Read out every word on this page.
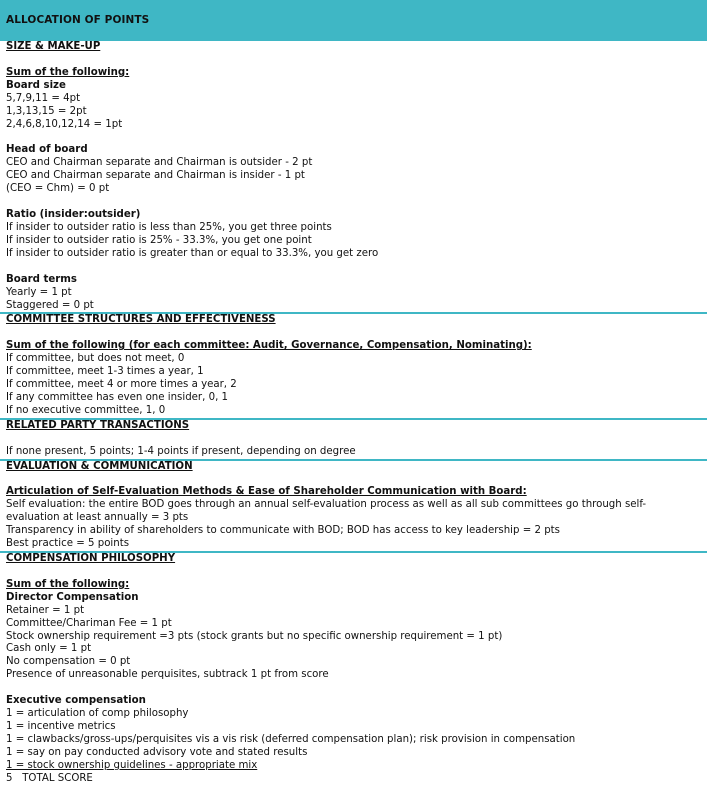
ALLOCATION OF POINTS
SIZE & MAKE-UP
Sum of the following:
Board size
5,7,9,11 = 4pt
1,3,13,15 = 2pt
2,4,6,8,10,12,14 = 1pt
Head of board
CEO and Chairman separate and Chairman is outsider - 2 pt
CEO and Chairman separate and Chairman is insider - 1 pt
(CEO = Chm) = 0 pt
Ratio (insider:outsider)
If insider to outsider ratio is less than 25%, you get three points
If insider to outsider ratio is 25% - 33.3%, you get one point
If insider to outsider ratio is greater than or equal to 33.3%, you get zero
Board terms
Yearly = 1 pt
Staggered = 0 pt
COMMITTEE STRUCTURES AND EFFECTIVENESS
Sum of the following (for each committee: Audit, Governance, Compensation, Nominating):
If committee, but does not meet, 0
If committee, meet 1-3 times a year, 1
If committee, meet 4 or more times a year, 2
If any committee has even one insider, 0, 1
If no executive committee, 1, 0
RELATED PARTY TRANSACTIONS
If none present, 5 points; 1-4 points if present, depending on degree
EVALUATION & COMMUNICATION
Articulation of Self-Evaluation Methods & Ease of Shareholder Communication with Board:
Self evaluation: the entire BOD goes through an annual self-evaluation process as well as all sub committees go through self-evaluation at least annually = 3 pts
Transparency in ability of shareholders to communicate with BOD; BOD has access to key leadership = 2 pts
Best practice = 5 points
COMPENSATION PHILOSOPHY
Sum of the following:
Director Compensation
Retainer = 1 pt
Committee/Chariman Fee = 1 pt
Stock ownership requirement =3 pts (stock grants but no specific ownership requirement = 1 pt)
Cash only = 1 pt
No compensation = 0 pt
Presence of unreasonable perquisites, subtrack 1 pt from score
Executive compensation
1 = articulation of comp philosophy
1 = incentive metrics
1 = clawbacks/gross-ups/perquisites vis a vis risk (deferred compensation plan); risk provision in compensation
1 = say on pay conducted advisory vote and stated results
1 = stock ownership guidelines - appropriate mix
5 TOTAL SCORE
